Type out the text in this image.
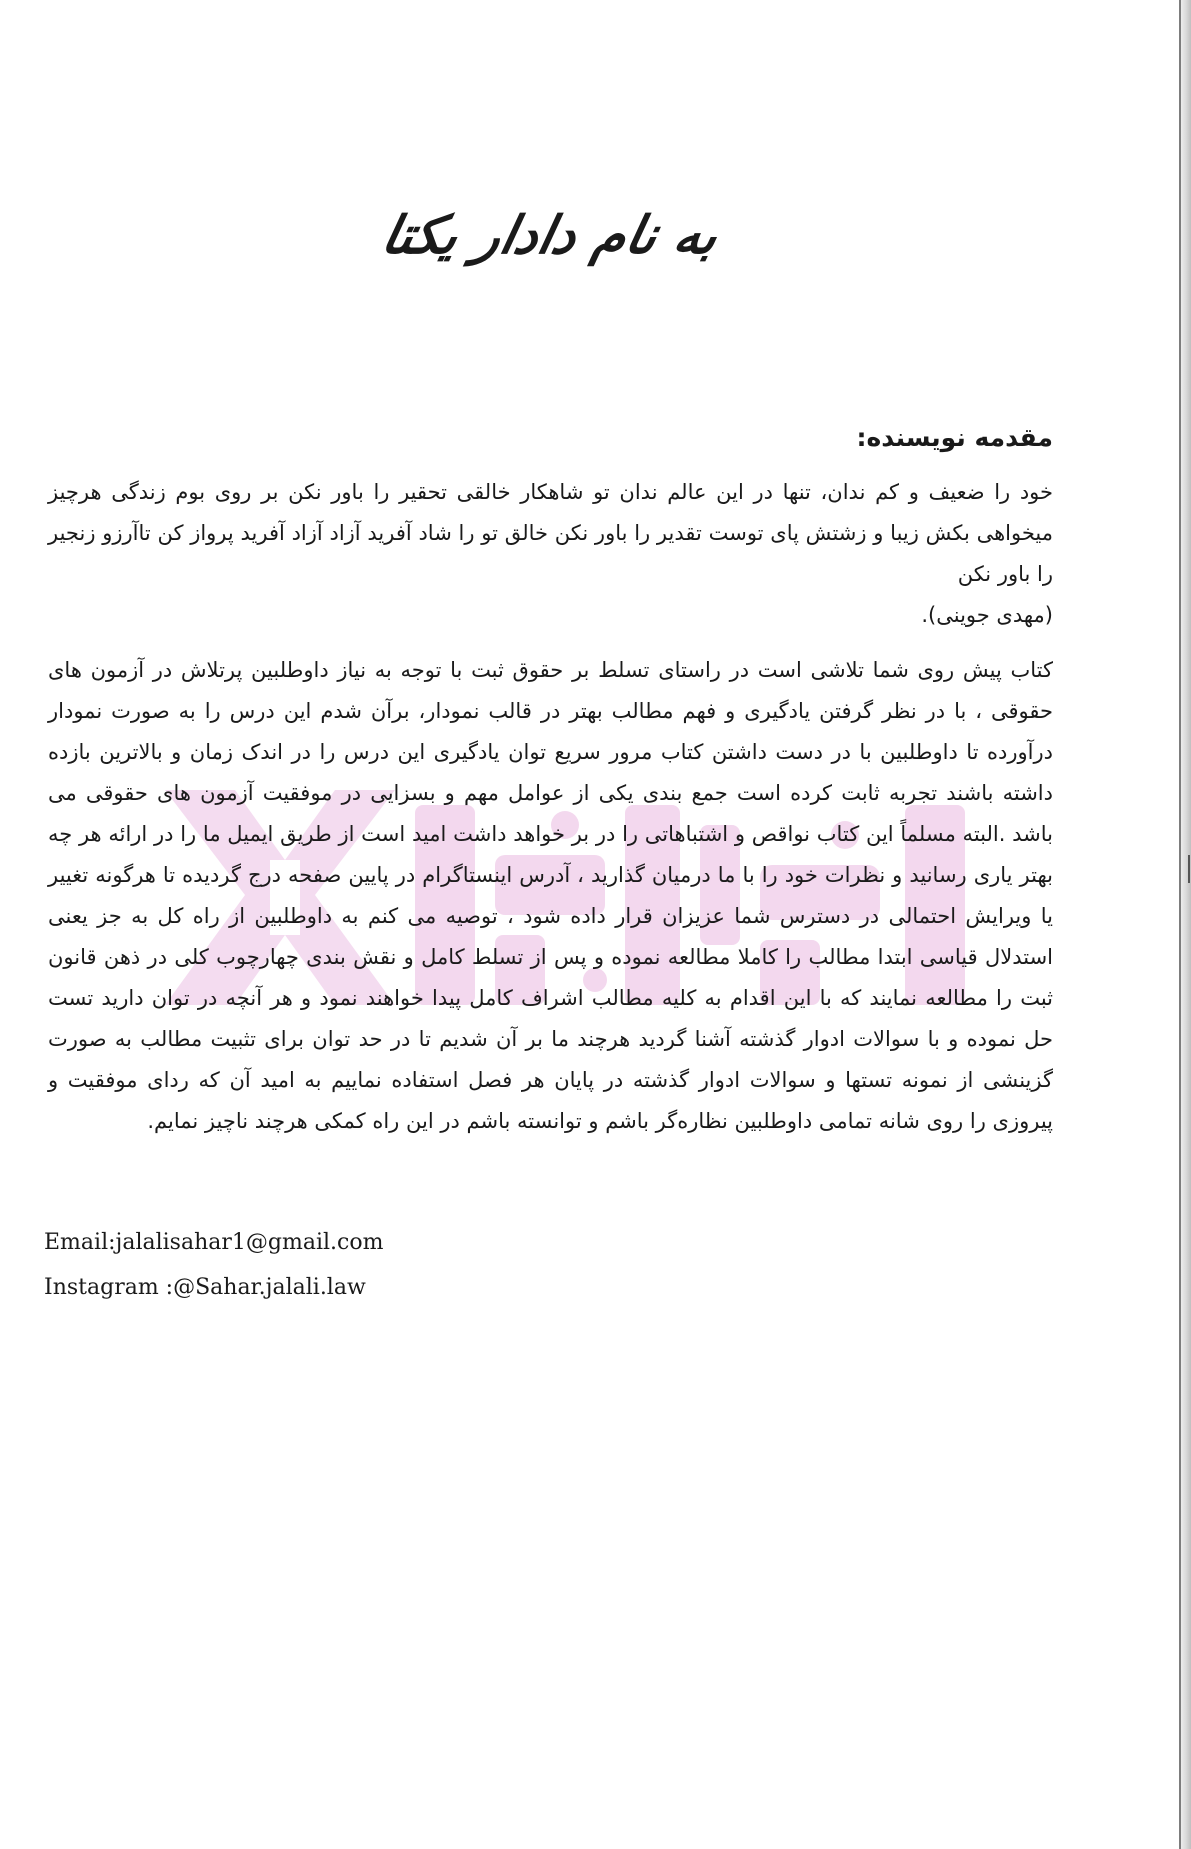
به نام دادار یکتا
مقدمه نویسنده:

خود را ضعیف و کم ندان، تنها در این عالم ندان تو شاهکار خالقی تحقیر را باور نکن بر روی بوم زندگی هرچیز میخواهی بکش زیبا و زشتش پای توست تقدیر را باور نکن خالق تو را شاد آفرید آزاد آزاد آفرید پرواز کن تاآرزو زنجیر را باور نکن
(مهدی جوینی).

کتاب پیش روی شما تلاشی است در راستای تسلط بر حقوق ثبت با توجه به نیاز داوطلبین پرتلاش در آزمون های حقوقی ، با در نظر گرفتن یادگیری و فهم مطالب بهتر در قالب نمودار، برآن شدم این درس را به صورت نمودار درآورده تا داوطلبین با در دست داشتن کتاب مرور سریع توان یادگیری این درس را در اندک زمان و بالاترین بازده داشته باشند تجربه ثابت کرده است جمع بندی یکی از عوامل مهم و بسزایی در موفقیت آزمون های حقوقی می باشد .البته مسلماً این کتاب نواقص و اشتباهاتی را در بر خواهد داشت امید است از طریق ایمیل ما را در ارائه هر چه بهتر یاری رسانید و نظرات خود را با ما درمیان گذارید ، آدرس اینستاگرام در پایین صفحه درج گردیده تا هرگونه تغییر یا ویرایش احتمالی در دسترس شما عزیزان قرار داده شود ، توصیه می کنم به داوطلبین از راه کل به جز یعنی استدلال قیاسی ابتدا مطالب را کاملا مطالعه نموده و پس از تسلط کامل و نقش بندی چهارچوب کلی در ذهن قانون ثبت را مطالعه نمایند که با این اقدام به کلیه مطالب اشراف کامل پیدا خواهند نمود و هر آنچه در توان دارید تست حل نموده و با سوالات ادوار گذشته آشنا گردید هرچند ما بر آن شدیم تا در حد توان برای تثبیت مطالب به صورت گزینشی از نمونه تستها و سوالات ادوار گذشته در پایان هر فصل استفاده نماییم به امید آن که ردای موفقیت و پیروزی را روی شانه تمامی داوطلبین نظاره‌گر باشم و توانسته باشم در این راه کمکی هرچند ناچیز نمایم.

Email:jalalisahar1@gmail.com
Instagram :@Sahar.jalali.law
